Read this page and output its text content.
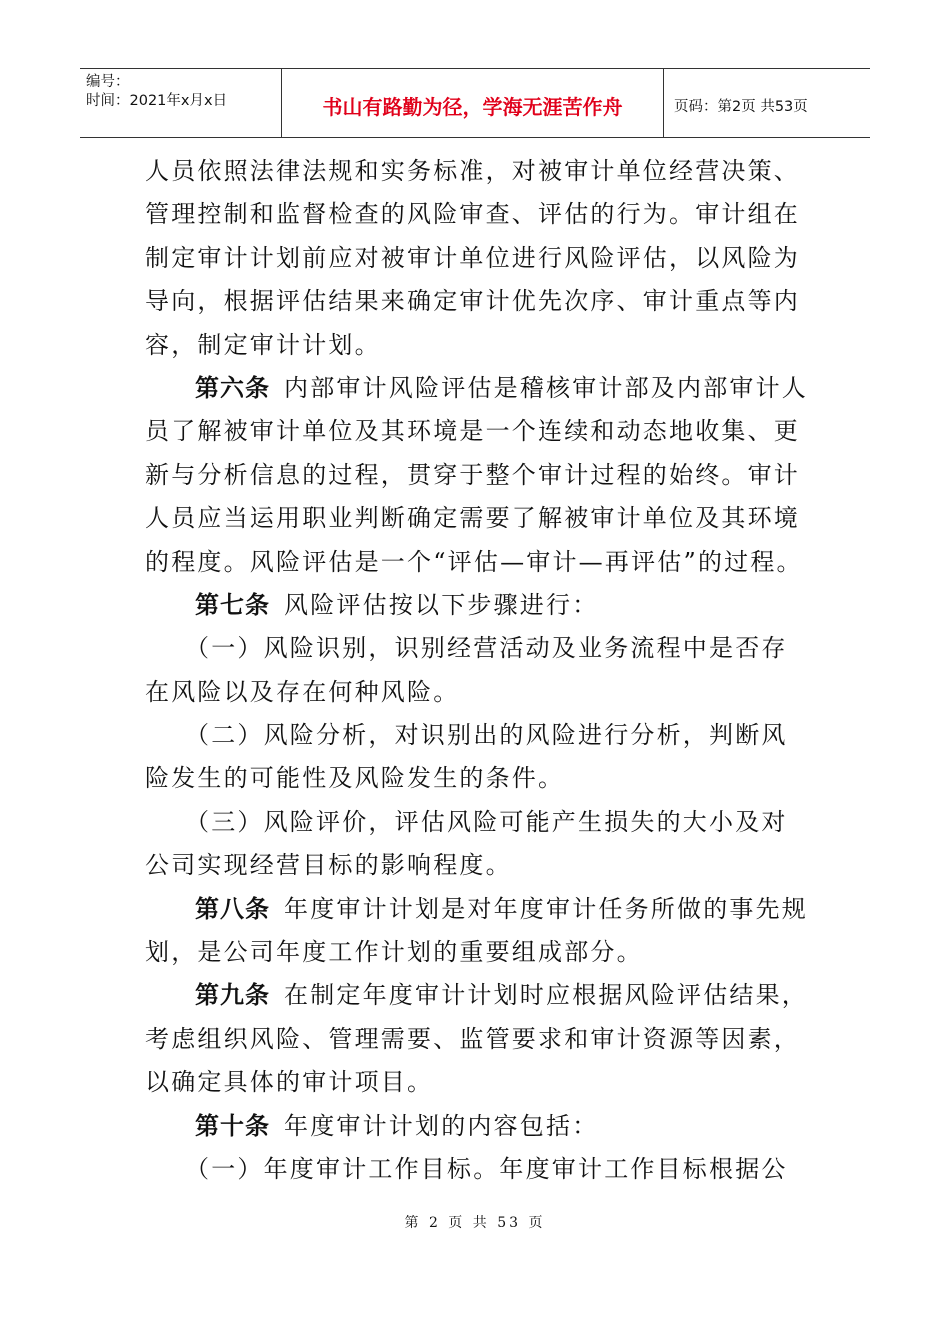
编号：
时间：2021年x月x日	书山有路勤为径，学海无涯苦作舟	页码：第2页 共53页
人员依照法律法规和实务标准，对被审计单位经营决策、
管理控制和监督检查的风险审查、评估的行为。审计组在
制定审计计划前应对被审计单位进行风险评估，以风险为
导向，根据评估结果来确定审计优先次序、审计重点等内
容，制定审计计划。
第六条 内部审计风险评估是稽核审计部及内部审计人
员了解被审计单位及其环境是一个连续和动态地收集、更
新与分析信息的过程，贯穿于整个审计过程的始终。审计
人员应当运用职业判断确定需要了解被审计单位及其环境
的程度。风险评估是一个“评估—审计—再评估”的过程。
第七条 风险评估按以下步骤进行：
（一）风险识别，识别经营活动及业务流程中是否存
在风险以及存在何种风险。
（二）风险分析，对识别出的风险进行分析，判断风
险发生的可能性及风险发生的条件。
（三）风险评价，评估风险可能产生损失的大小及对
公司实现经营目标的影响程度。
第八条 年度审计计划是对年度审计任务所做的事先规
划，是公司年度工作计划的重要组成部分。
第九条 在制定年度审计计划时应根据风险评估结果，
考虑组织风险、管理需要、监管要求和审计资源等因素，
以确定具体的审计项目。
第十条 年度审计计划的内容包括：
（一）年度审计工作目标。年度审计工作目标根据公
第 2 页 共 53 页
